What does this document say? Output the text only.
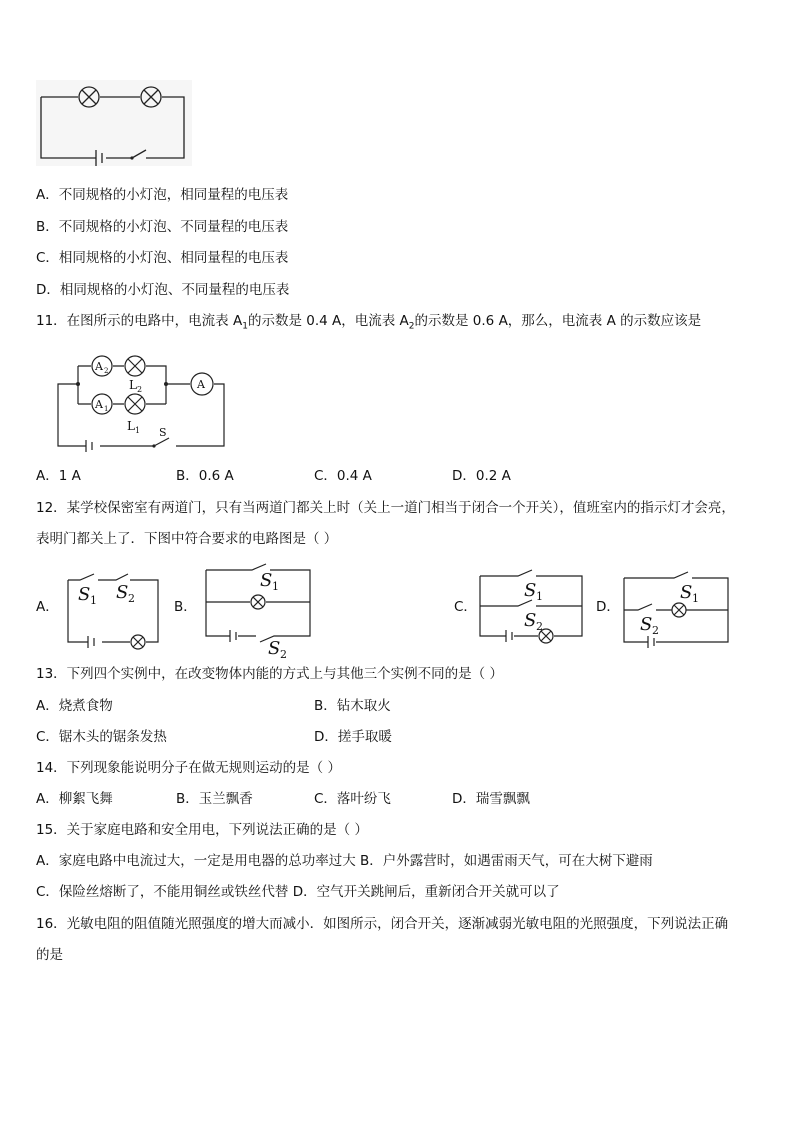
A．不同规格的小灯泡，相同量程的电压表
B．不同规格的小灯泡、不同量程的电压表
C．相同规格的小灯泡、相同量程的电压表
D．相同规格的小灯泡、不同量程的电压表
11．在图所示的电路中，电流表 $A_1$的示数是 0.4 A，电流表 $A_2$的示数是 0.6 A，那么，电流表 A 的示数应该是
A 2
A 1
A
L 2
L 1 S
A．1 A	B．0.6 A	C．0.4 A	D．0.2 A
12．某学校保密室有两道门，只有当两道门都关上时（关上一道门相当于闭合一个开关），值班室内的指示灯才会亮，
表明门都关上了．下图中符合要求的电路图是（ ）
A．
S 1 S 2
B．
S 1
S 2
C．
S 1
S 2
D．
S 1
S 2
13．下列四个实例中，在改变物体内能的方式上与其他三个实例不同的是（ ）
A．烧煮食物	B．钻木取火
C．锯木头的锯条发热	D．搓手取暖
14．下列现象能说明分子在做无规则运动的是（ ）
A．柳絮飞舞	B．玉兰飘香	C．落叶纷飞	D．瑞雪飘飘
15．关于家庭电路和安全用电，下列说法正确的是（ ）
A．家庭电路中电流过大，一定是用电器的总功率过大 B．户外露营时，如遇雷雨天气，可在大树下避雨
C．保险丝熔断了，不能用铜丝或铁丝代替 D．空气开关跳闸后，重新闭合开关就可以了
16．光敏电阻的阻值随光照强度的增大而减小．如图所示，闭合开关，逐渐减弱光敏电阻的光照强度，下列说法正确
的是
